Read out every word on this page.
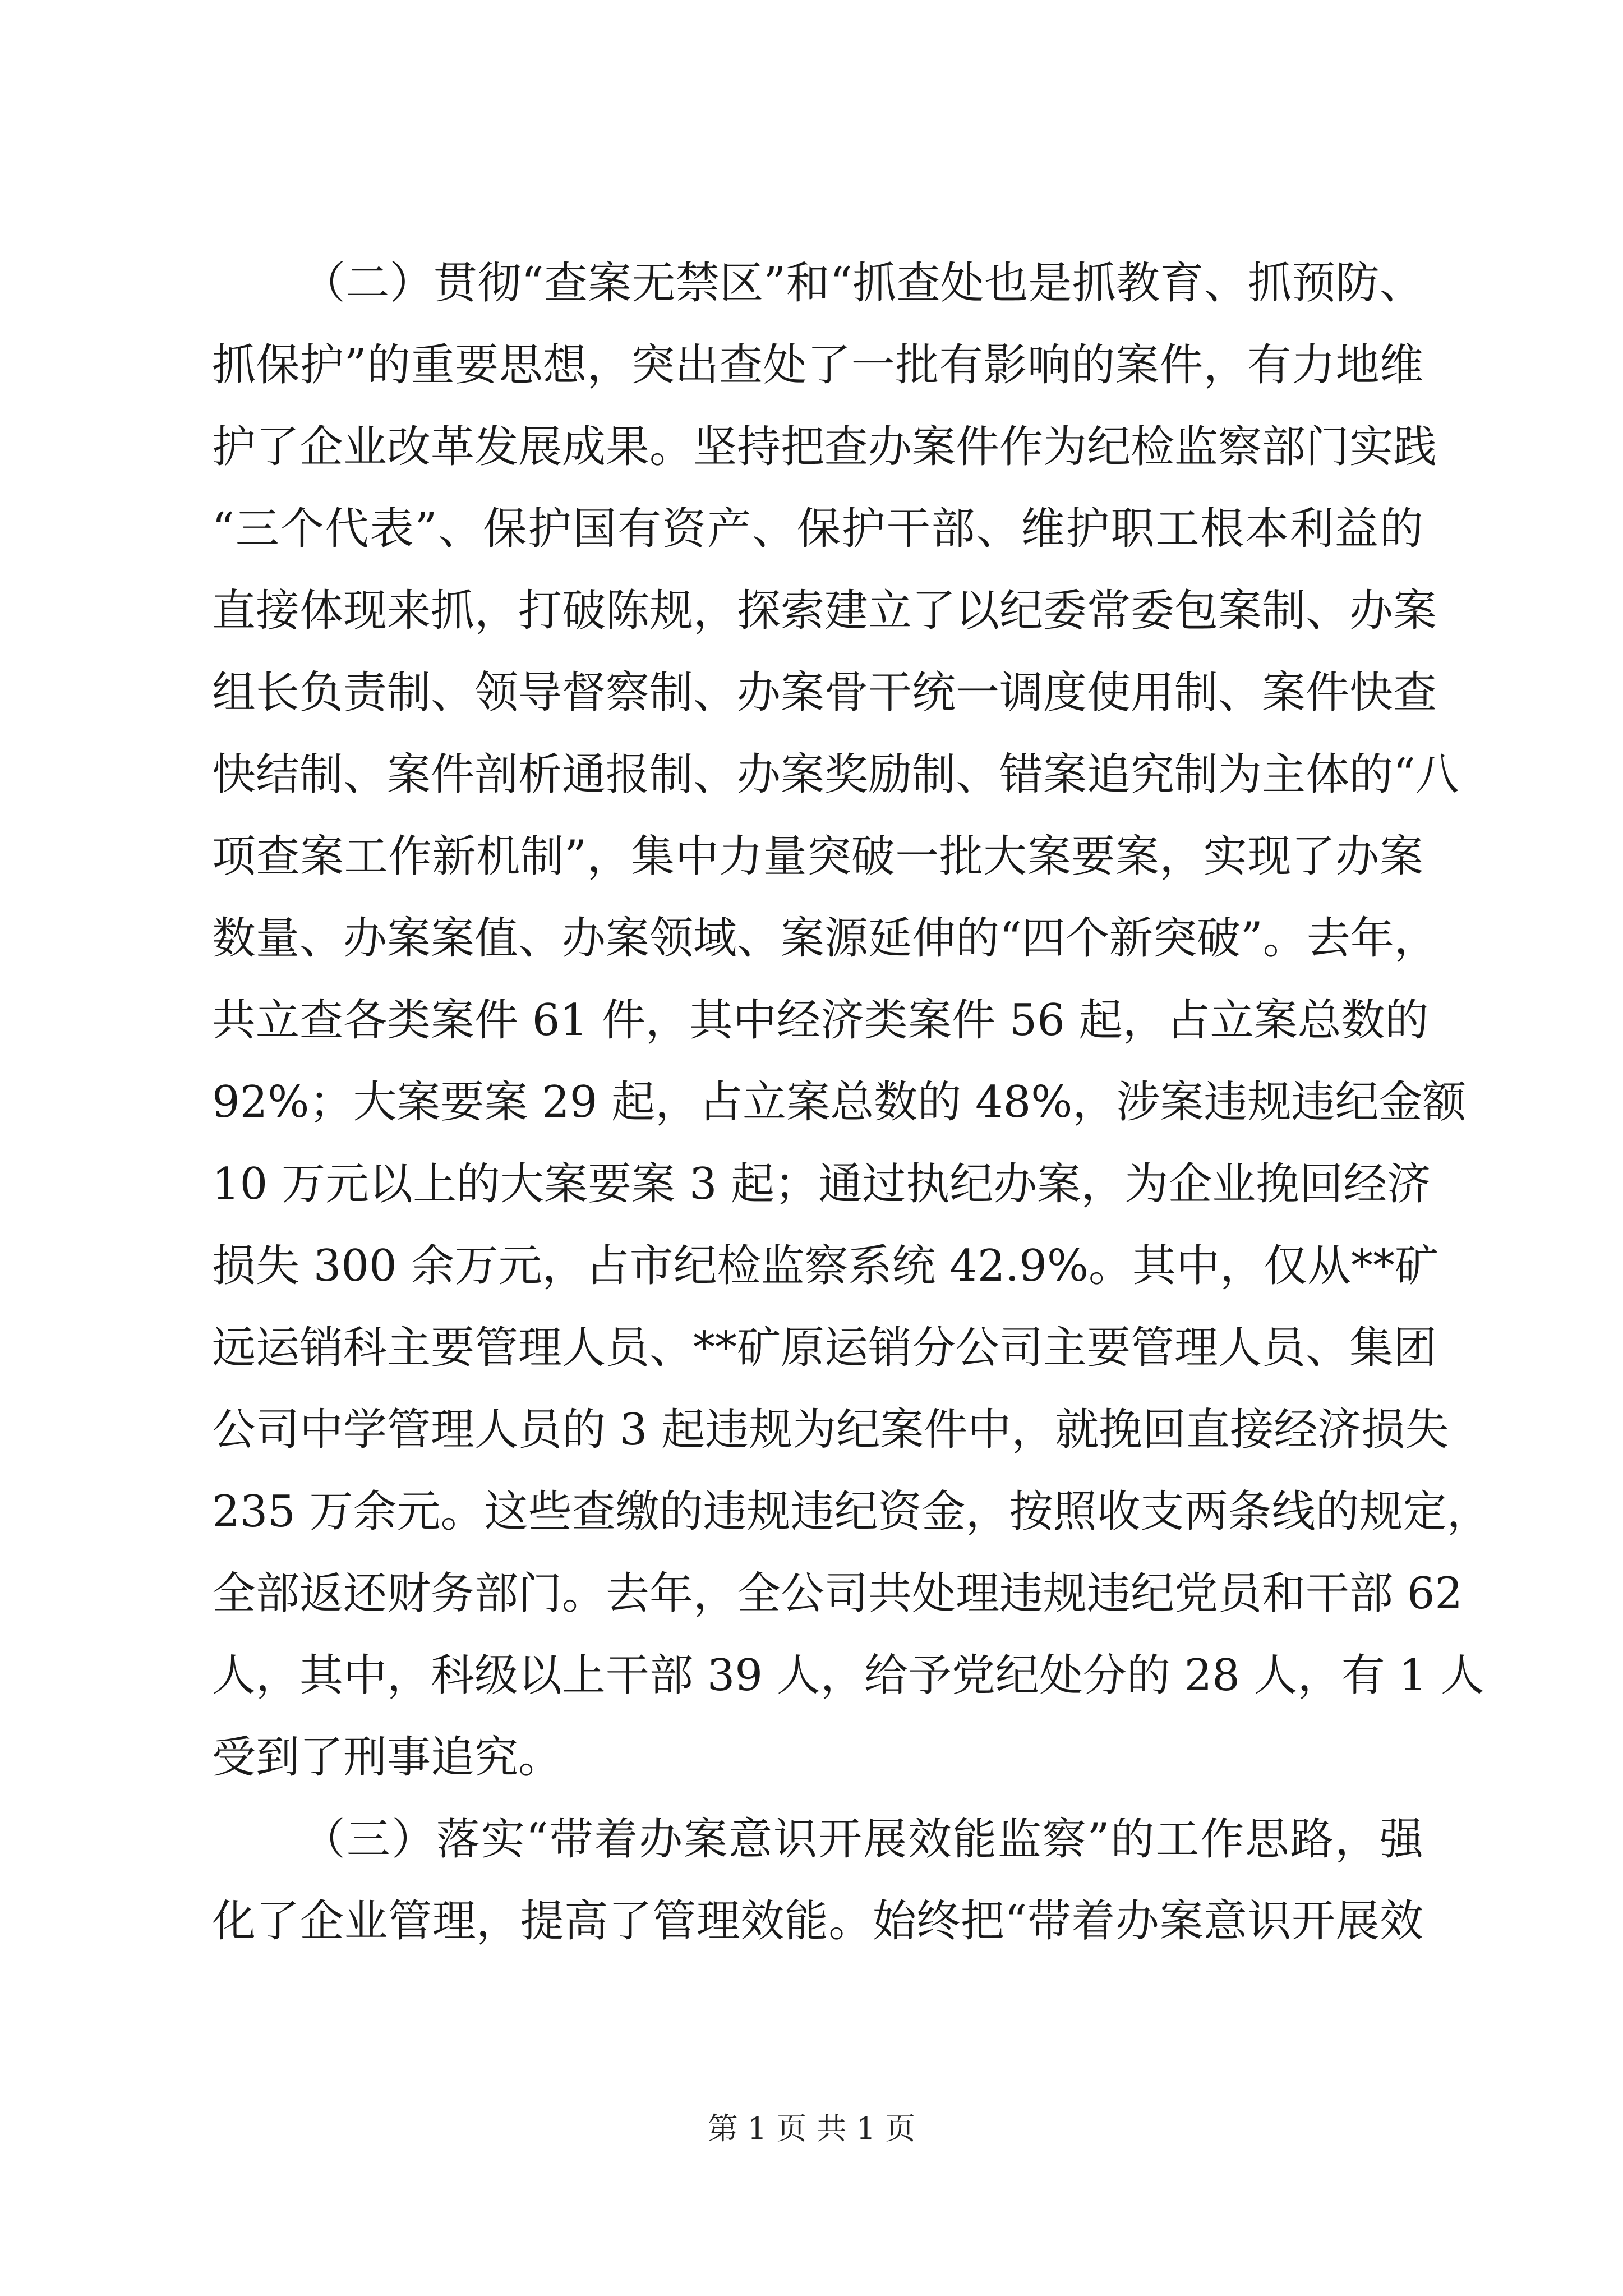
（二）贯彻“查案无禁区”和“抓查处也是抓教育、抓预防、
抓保护”的重要思想，突出查处了一批有影响的案件，有力地维
护了企业改革发展成果。坚持把查办案件作为纪检监察部门实践
“三个代表”、保护国有资产、保护干部、维护职工根本利益的
直接体现来抓，打破陈规，探索建立了以纪委常委包案制、办案
组长负责制、领导督察制、办案骨干统一调度使用制、案件快查
快结制、案件剖析通报制、办案奖励制、错案追究制为主体的“八
项查案工作新机制”，集中力量突破一批大案要案，实现了办案
数量、办案案值、办案领域、案源延伸的“四个新突破”。去年，
共立查各类案件 61 件，其中经济类案件 56 起，占立案总数的
92%；大案要案 29 起，占立案总数的 48%，涉案违规违纪金额
10 万元以上的大案要案 3 起；通过执纪办案，为企业挽回经济
损失 300 余万元，占市纪检监察系统 42.9%。其中，仅从**矿
远运销科主要管理人员、**矿原运销分公司主要管理人员、集团
公司中学管理人员的 3 起违规为纪案件中，就挽回直接经济损失
235 万余元。这些查缴的违规违纪资金，按照收支两条线的规定，
全部返还财务部门。去年，全公司共处理违规违纪党员和干部 62
人，其中，科级以上干部 39 人，给予党纪处分的 28 人，有 1 人
受到了刑事追究。
（三）落实“带着办案意识开展效能监察”的工作思路，强
化了企业管理，提高了管理效能。始终把“带着办案意识开展效
第 1 页 共 1 页
